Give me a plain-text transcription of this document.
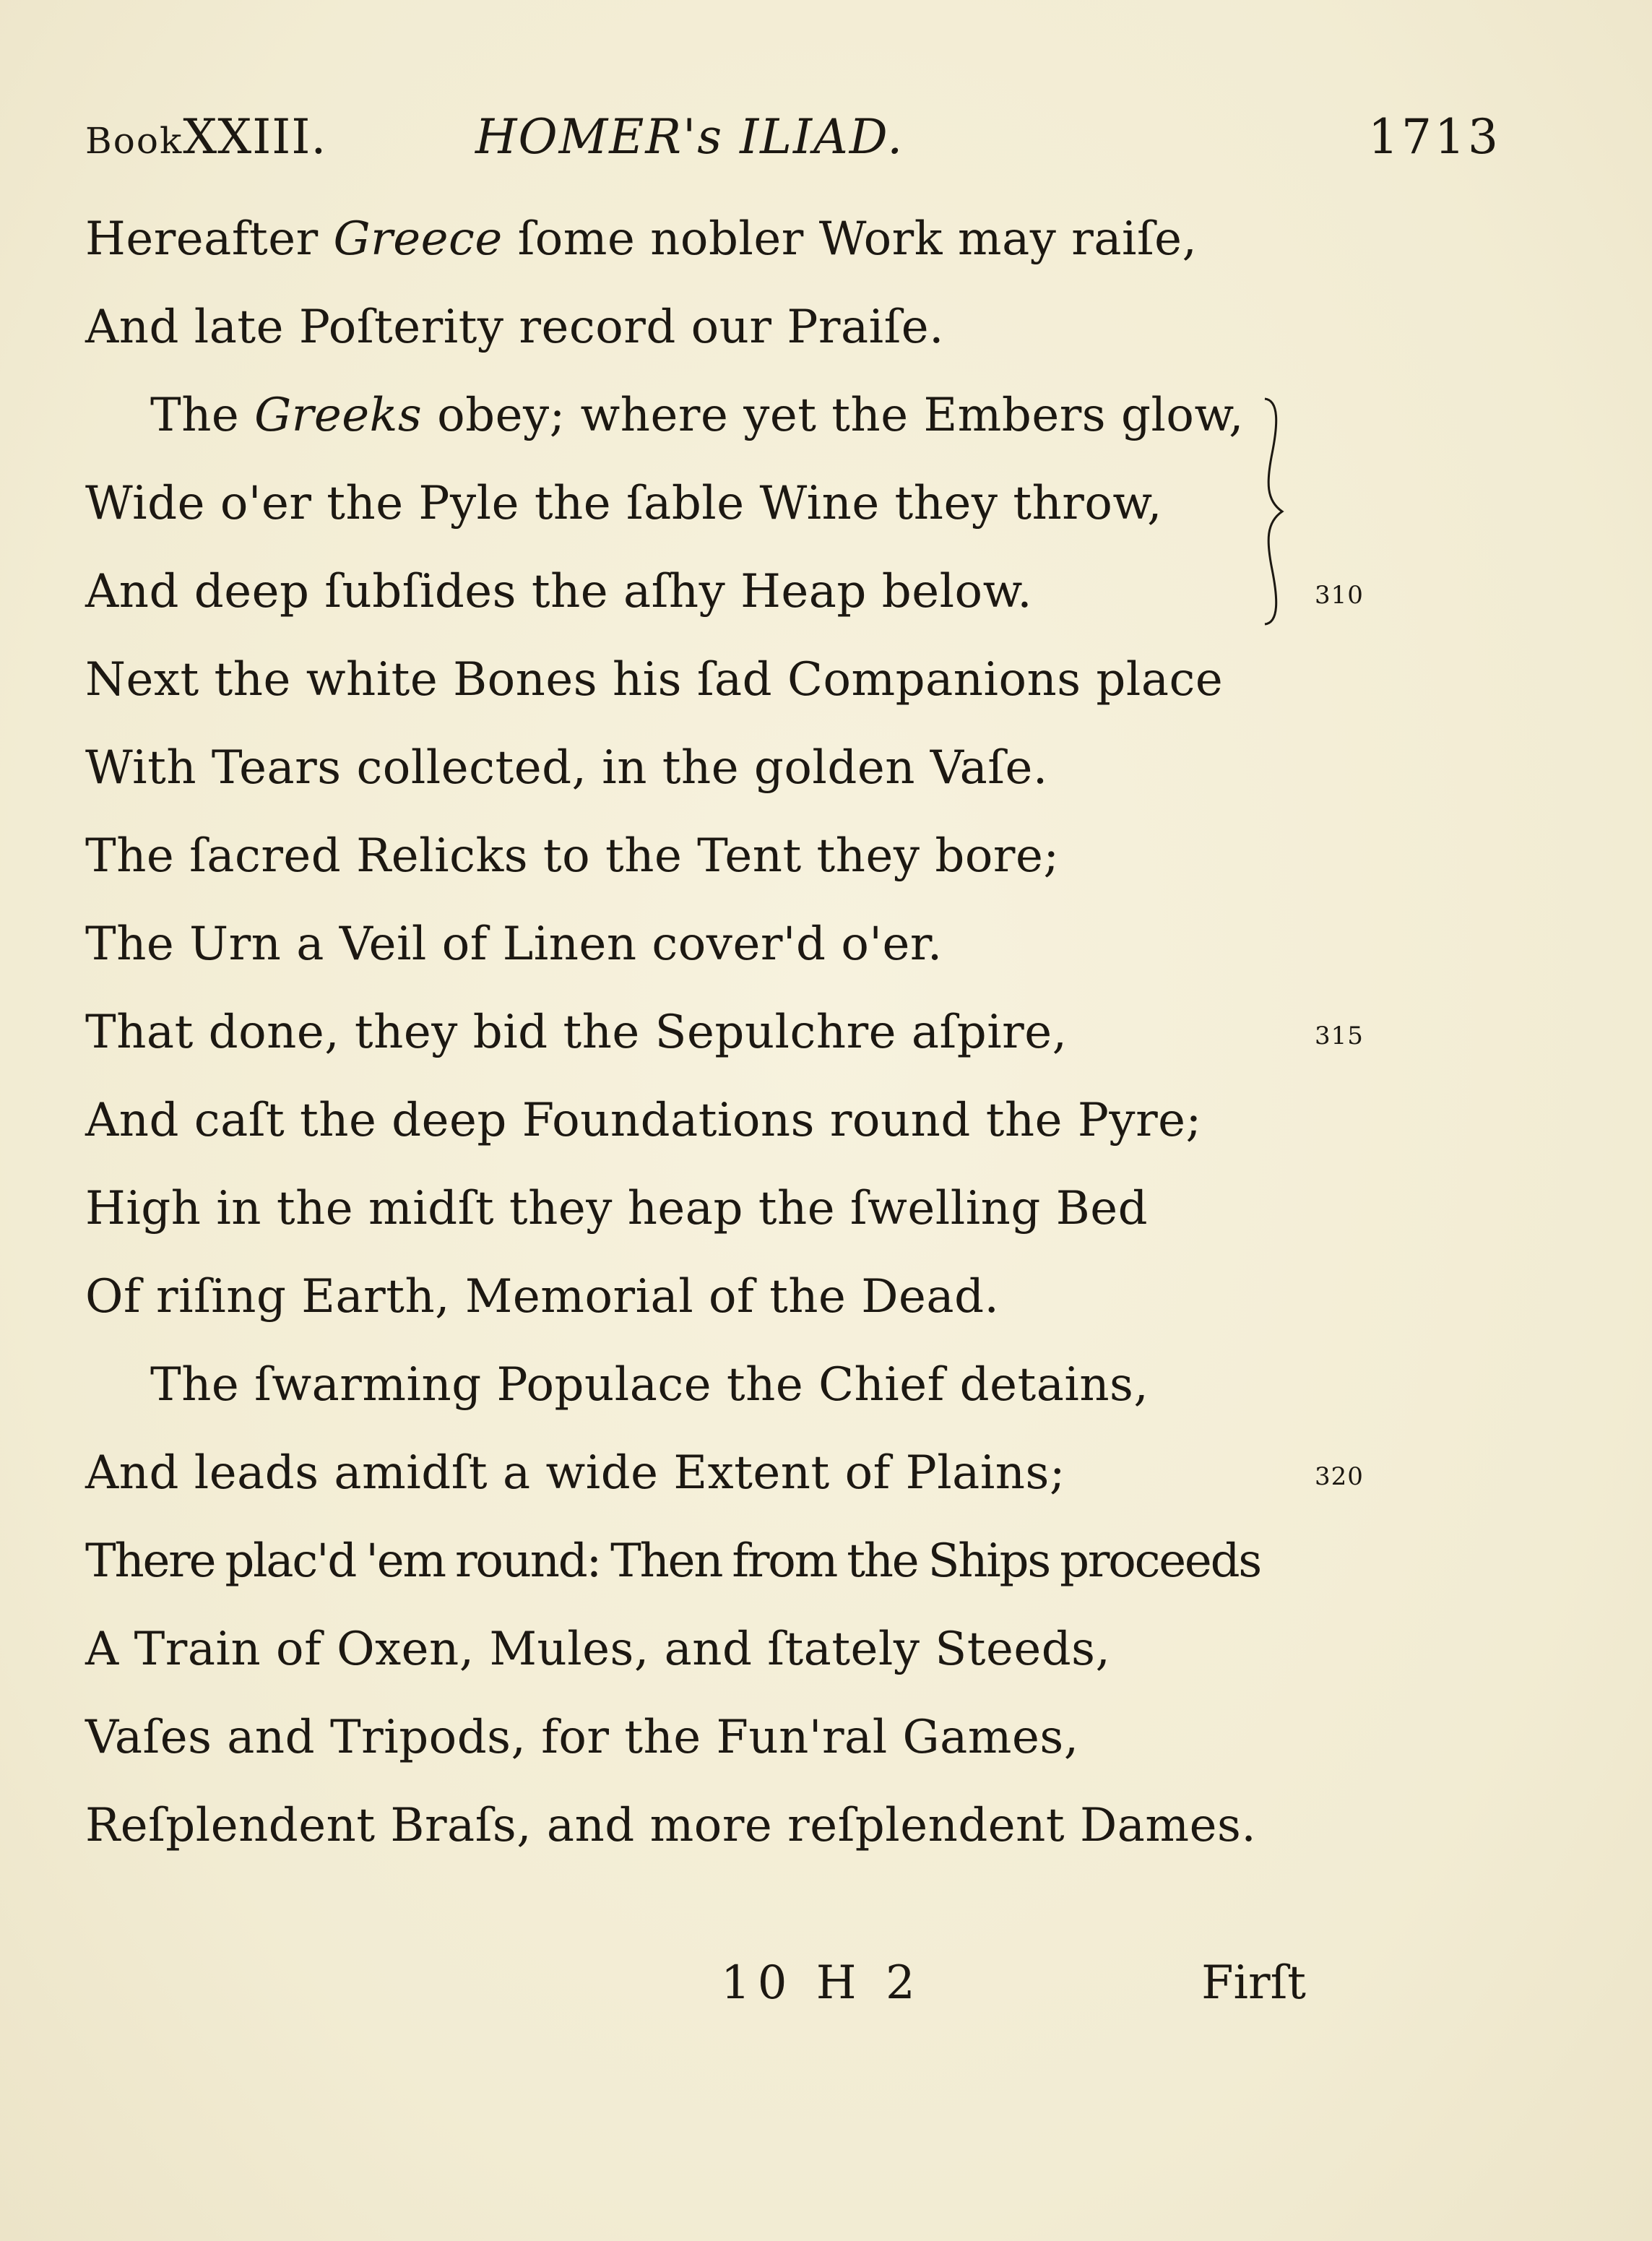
BookXXIII.	HOMER's ILIAD.	1713
Hereafter Greece ſome nobler Work may raiſe,
And late Poſterity record our Praiſe.
The Greeks obey; where yet the Embers glow,
Wide o'er the Pyle the ſable Wine they throw,
And deep ſubſides the aſhy Heap below.
Next the white Bones his ſad Companions place
With Tears collected, in the golden Vaſe.
The ſacred Relicks to the Tent they bore;
The Urn a Veil of Linen cover'd o'er.
That done, they bid the Sepulchre aſpire,
And caſt the deep Foundations round the Pyre;
High in the midſt they heap the ſwelling Bed
Of riſing Earth, Memorial of the Dead.
The ſwarming Populace the Chief detains,
And leads amidſt a wide Extent of Plains;
There plac'd 'em round: Then from the Ships proceeds
A Train of Oxen, Mules, and ſtately Steeds,
Vaſes and Tripods, for the Fun'ral Games,
Reſplendent Braſs, and more reſplendent Dames.
310
315
320
10 H 2	Firſt
